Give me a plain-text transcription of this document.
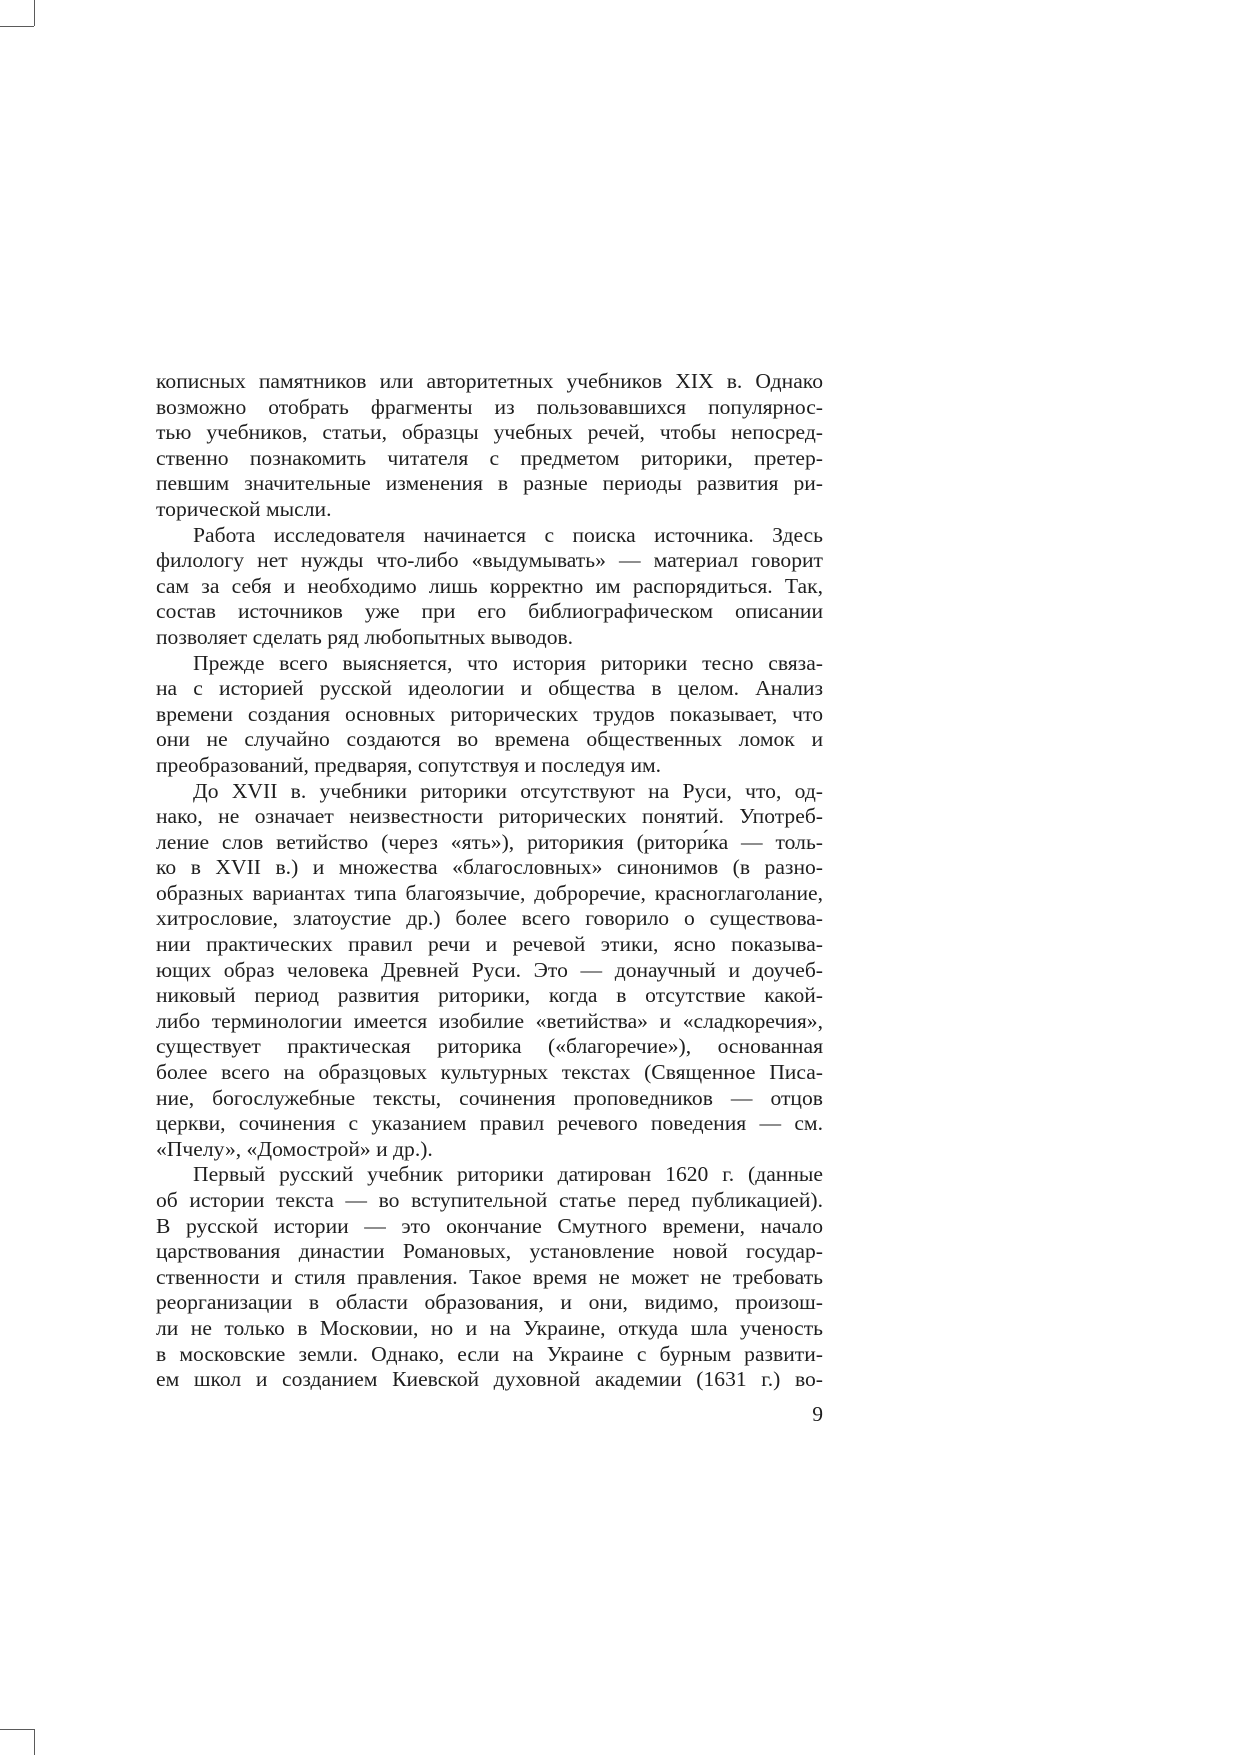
кописных памятников или авторитетных учебников XIX в. Однако
возможно отобрать фрагменты из пользовавшихся популярнос-
тью учебников, статьи, образцы учебных речей, чтобы непосред-
ственно познакомить читателя с предметом риторики, претер-
певшим значительные изменения в разные периоды развития ри-
торической мысли.
Работа исследователя начинается с поиска источника. Здесь
филологу нет нужды что-либо «выдумывать» — материал говорит
сам за себя и необходимо лишь корректно им распорядиться. Так,
состав источников уже при его библиографическом описании
позволяет сделать ряд любопытных выводов.
Прежде всего выясняется, что история риторики тесно связа-
на с историей русской идеологии и общества в целом. Анализ
времени создания основных риторических трудов показывает, что
они не случайно создаются во времена общественных ломок и
преобразований, предваряя, сопутствуя и последуя им.
До XVII в. учебники риторики отсутствуют на Руси, что, од-
нако, не означает неизвестности риторических понятий. Употреб-
ление слов ветийство (через «ять»), риторикия (ритори́ка — толь-
ко в XVII в.) и множества «благословных» синонимов (в разно-
образных вариантах типа благоязычие, доброречие, красноглаголание,
хитрословие, златоустие др.) более всего говорило о существова-
нии практических правил речи и речевой этики, ясно показыва-
ющих образ человека Древней Руси. Это — донаучный и доучеб-
никовый период развития риторики, когда в отсутствие какой-
либо терминологии имеется изобилие «ветийства» и «сладкоречия»,
существует практическая риторика («благоречие»), основанная
более всего на образцовых культурных текстах (Священное Писа-
ние, богослужебные тексты, сочинения проповедников — отцов
церкви, сочинения с указанием правил речевого поведения — см.
«Пчелу», «Домострой» и др.).
Первый русский учебник риторики датирован 1620 г. (данные
об истории текста — во вступительной статье перед публикацией).
В русской истории — это окончание Смутного времени, начало
царствования династии Романовых, установление новой государ-
ственности и стиля правления. Такое время не может не требовать
реорганизации в области образования, и они, видимо, произош-
ли не только в Московии, но и на Украине, откуда шла ученость
в московские земли. Однако, если на Украине с бурным развити-
ем школ и созданием Киевской духовной академии (1631 г.) во-
9
